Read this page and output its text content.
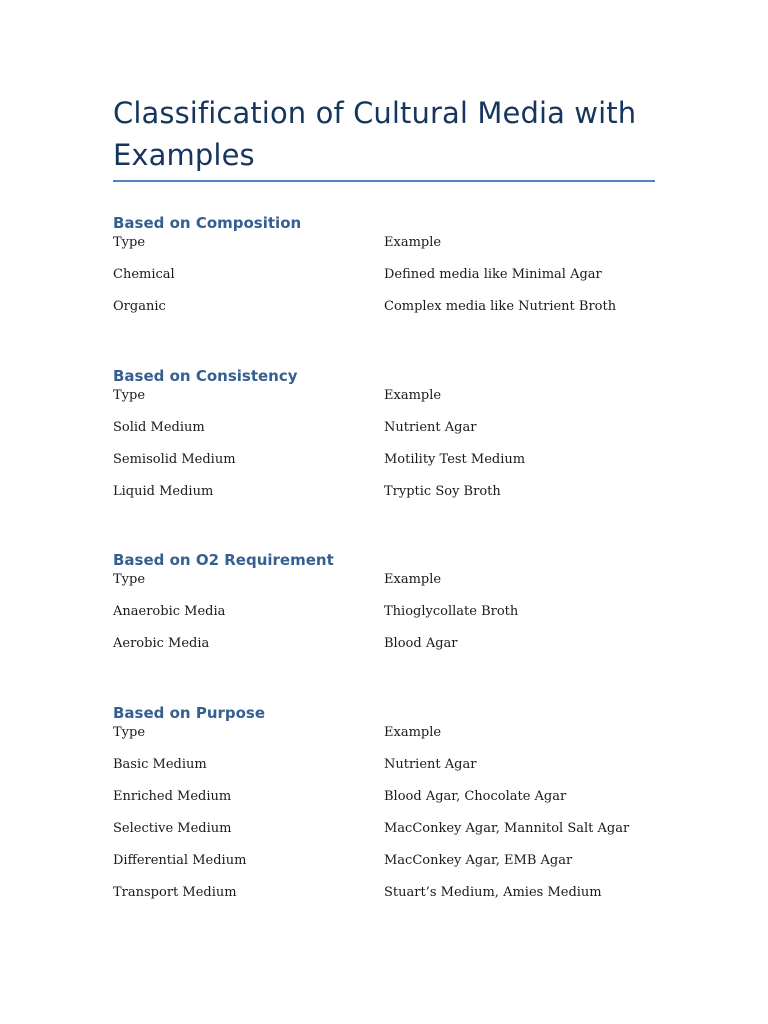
Classification of Cultural Media with Examples
Based on Composition
Type	Example
Chemical	Defined media like Minimal Agar
Organic	Complex media like Nutrient Broth
Based on Consistency
Type	Example
Solid Medium	Nutrient Agar
Semisolid Medium	Motility Test Medium
Liquid Medium	Tryptic Soy Broth
Based on O2 Requirement
Type	Example
Anaerobic Media	Thioglycollate Broth
Aerobic Media	Blood Agar
Based on Purpose
Type	Example
Basic Medium	Nutrient Agar
Enriched Medium	Blood Agar, Chocolate Agar
Selective Medium	MacConkey Agar, Mannitol Salt Agar
Differential Medium	MacConkey Agar, EMB Agar
Transport Medium	Stuart’s Medium, Amies Medium
